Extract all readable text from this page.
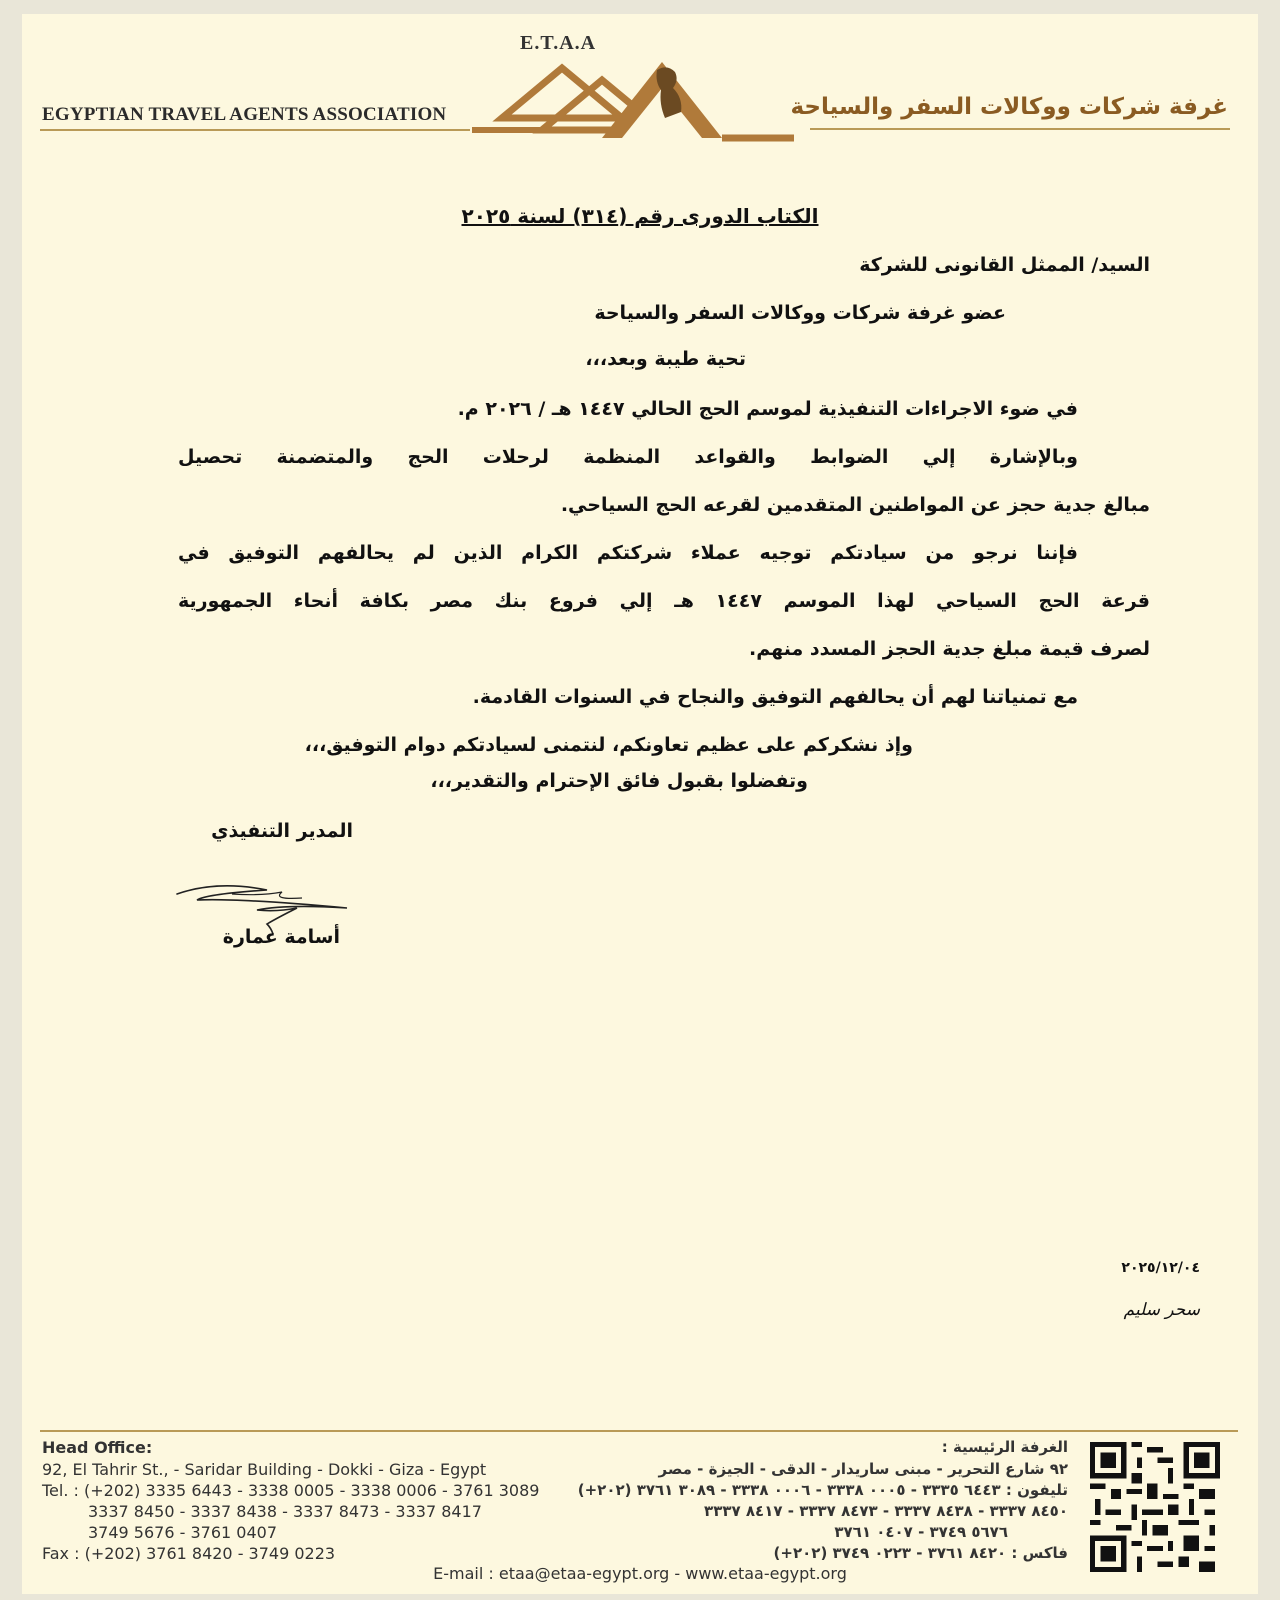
EGYPTIAN TRAVEL AGENTS ASSOCIATION
E.T.A.A
غرفة شركات ووكالات السفر والسياحة
الكتاب الدورى رقم (٣١٤) لسنة ٢٠٢٥
السيد/ الممثل القانونى للشركة
عضو غرفة شركات ووكالات السفر والسياحة
تحية طيبة وبعد،،،
في ضوء الاجراءات التنفيذية لموسم الحج الحالي ١٤٤٧ هـ / ٢٠٢٦ م.
وبالإشارة إلي الضوابط والقواعد المنظمة لرحلات الحج والمتضمنة تحصيل
مبالغ جدية حجز عن المواطنين المتقدمين لقرعه الحج السياحي.
فإننا نرجو من سيادتكم توجيه عملاء شركتكم الكرام الذين لم يحالفهم التوفيق في
قرعة الحج السياحي لهذا الموسم ١٤٤٧ هـ إلي فروع بنك مصر بكافة أنحاء الجمهورية
لصرف قيمة مبلغ جدية الحجز المسدد منهم.
مع تمنياتنا لهم أن يحالفهم التوفيق والنجاح في السنوات القادمة.
وإذ نشكركم على عظيم تعاونكم، لنتمنى لسيادتكم دوام التوفيق،،،
وتفضلوا بقبول فائق الإحترام والتقدير،،،
المدير التنفيذي
أسامة عمارة
٢٠٢٥/١٢/٠٤
سحر سليم
Head Office:
92, El Tahrir St., - Saridar Building - Dokki - Giza - Egypt
Tel. : (+202) 3335 6443 - 3338 0005 - 3338 0006 - 3761 3089
3337 8450 - 3337 8438 - 3337 8473 - 3337 8417
3749 5676 - 3761 0407
Fax : (+202) 3761 8420 - 3749 0223
الغرفة الرئيسية :
٩٢ شارع التحرير - مبنى ساريدار - الدقى - الجيزة - مصر
تليفون : ٦٤٤٣ ٣٣٣٥ - ٠٠٠٥ ٣٣٣٨ - ٠٠٠٦ ٣٣٣٨ - ٣٠٨٩ ٣٧٦١ (٢٠٢+)
٨٤٥٠ ٣٣٣٧ - ٨٤٣٨ ٣٣٣٧ - ٨٤٧٣ ٣٣٣٧ - ٨٤١٧ ٣٣٣٧
٥٦٧٦ ٣٧٤٩ - ٠٤٠٧ ٣٧٦١
فاكس : ٨٤٢٠ ٣٧٦١ - ٠٢٢٣ ٣٧٤٩ (٢٠٢+)
E-mail : etaa@etaa-egypt.org - www.etaa-egypt.org
